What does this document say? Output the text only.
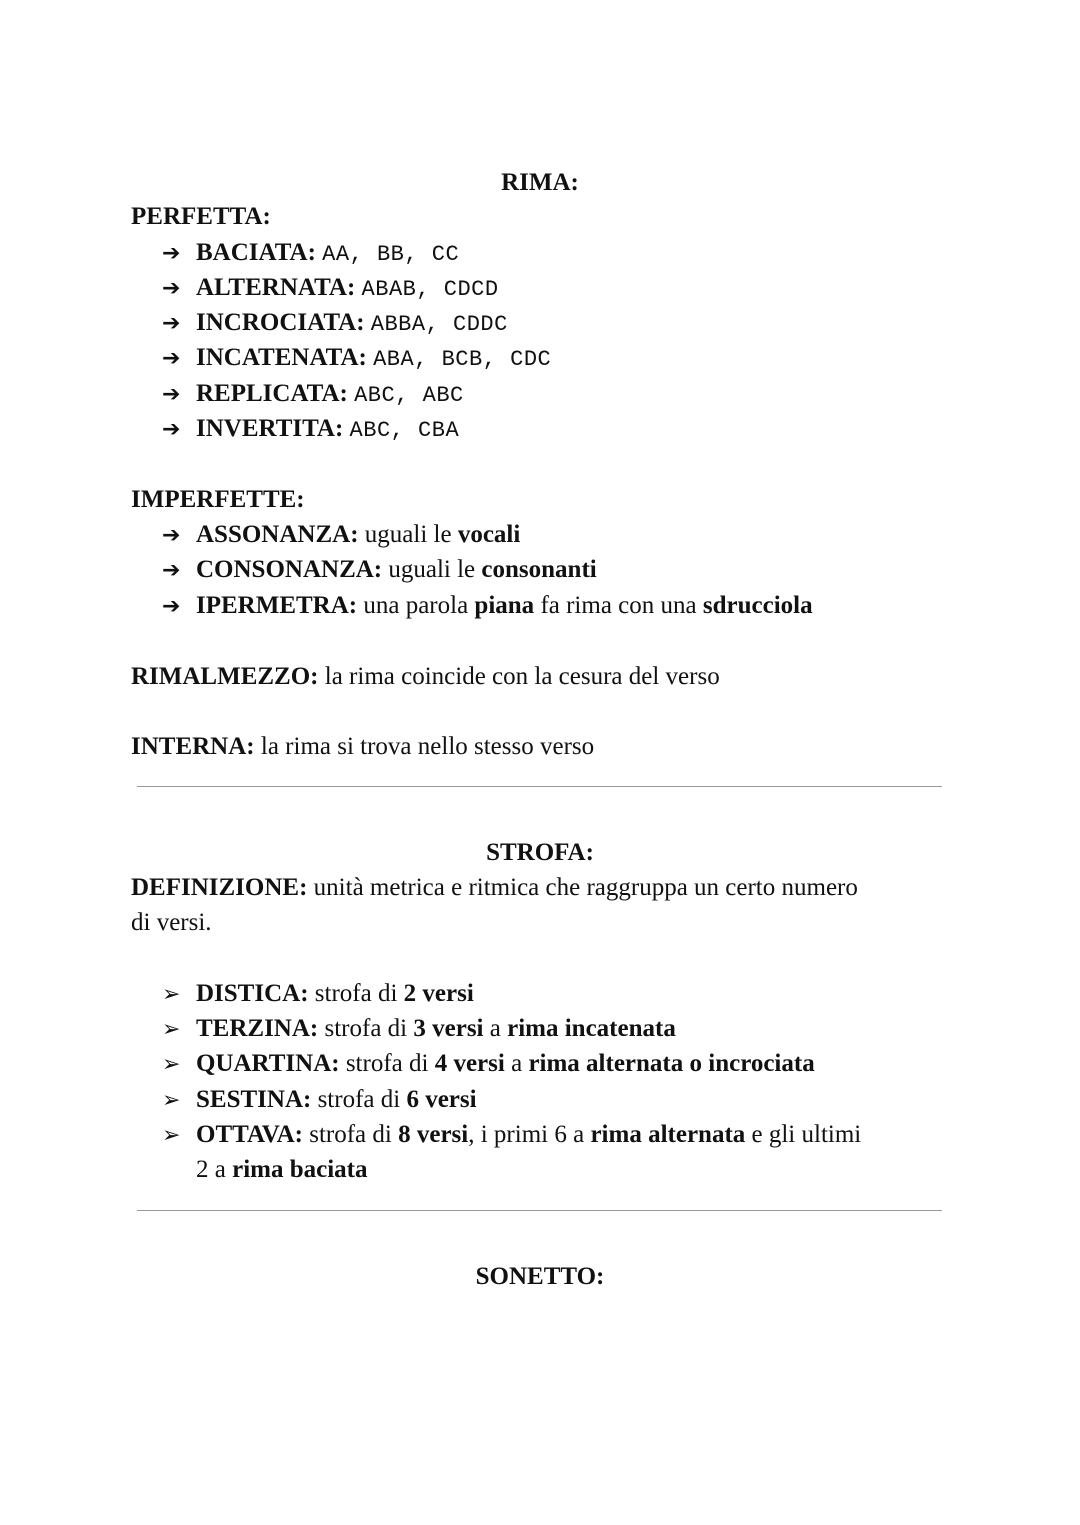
RIMA:
PERFETTA:
➔ BACIATA: AA, BB, CC
➔ ALTERNATA: ABAB, CDCD
➔ INCROCIATA: ABBA, CDDC
➔ INCATENATA: ABA, BCB, CDC
➔ REPLICATA: ABC, ABC
➔ INVERTITA: ABC, CBA
IMPERFETTE:
➔ ASSONANZA: uguali le vocali
➔ CONSONANZA: uguali le consonanti
➔ IPERMETRA: una parola piana fa rima con una sdrucciola
RIMALMEZZO: la rima coincide con la cesura del verso
INTERNA: la rima si trova nello stesso verso
STROFA:
DEFINIZIONE: unità metrica e ritmica che raggruppa un certo numero
di versi.
➢ DISTICA: strofa di 2 versi
➢ TERZINA: strofa di 3 versi a rima incatenata
➢ QUARTINA: strofa di 4 versi a rima alternata o incrociata
➢ SESTINA: strofa di 6 versi
➢ OTTAVA: strofa di 8 versi, i primi 6 a rima alternata e gli ultimi
2 a rima baciata
SONETTO:
